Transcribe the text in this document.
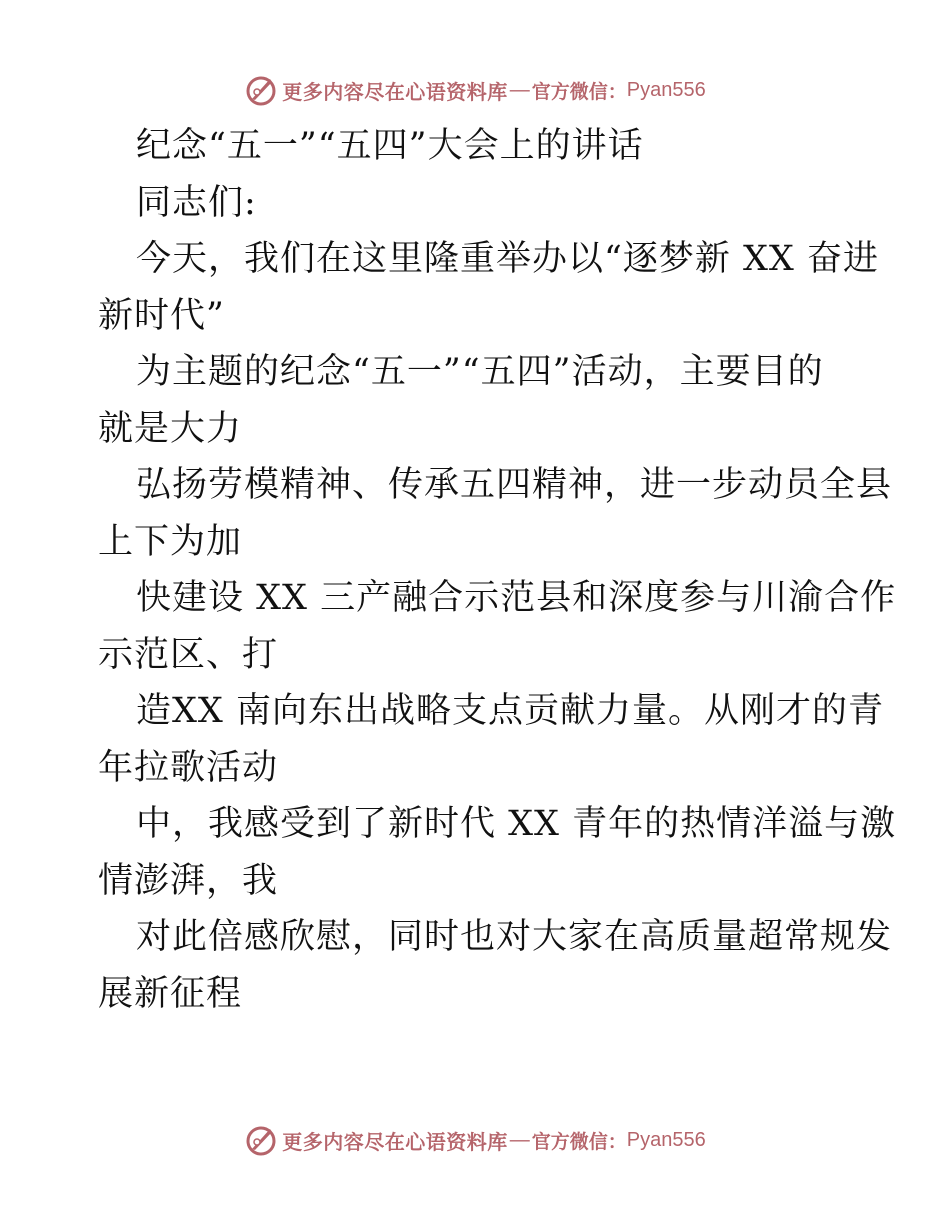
更多内容尽在心语资料库 — 官方微信： Pyan556
纪念“五一”“五四”大会上的讲话
同志们:
今天，我们在这里隆重举办以“逐梦新 XX 奋进
新时代”
为主题的纪念“五一”“五四”活动，主要目的
就是大力
弘扬劳模精神、传承五四精神，进一步动员全县
上下为加
快建设 XX 三产融合示范县和深度参与川渝合作
示范区、打
造XX 南向东出战略支点贡献力量。从刚才的青
年拉歌活动
中，我感受到了新时代 XX 青年的热情洋溢与激
情澎湃，我
对此倍感欣慰，同时也对大家在高质量超常规发
展新征程
更多内容尽在心语资料库 — 官方微信： Pyan556
